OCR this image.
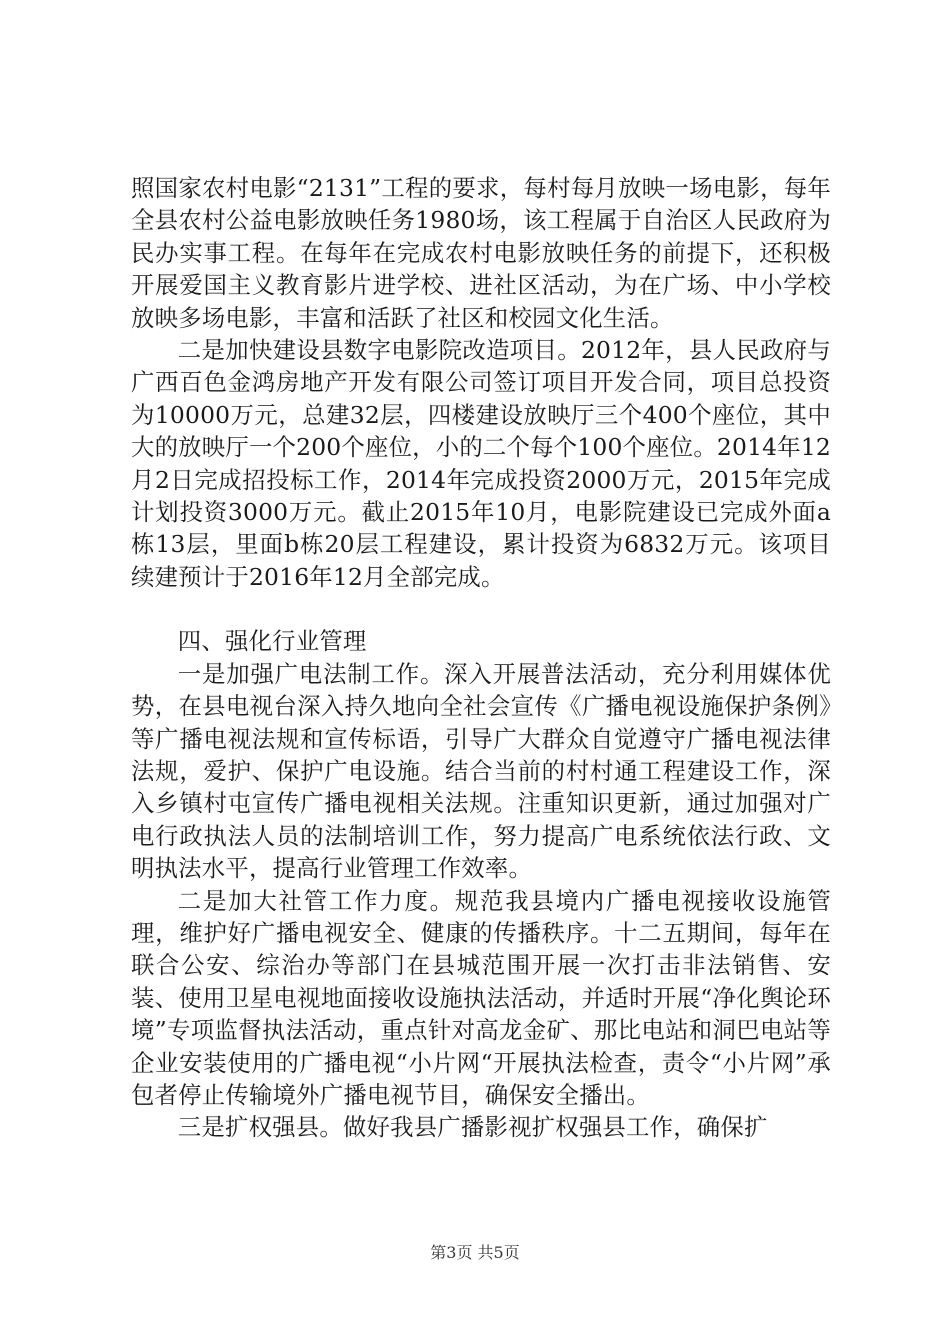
照国家农村电影“2131”工程的要求，每村每月放映一场电影，每年全县农村公益电影放映任务1980场，该工程属于自治区人民政府为民办实事工程。在每年在完成农村电影放映任务的前提下，还积极开展爱国主义教育影片进学校、进社区活动，为在广场、中小学校放映多场电影，丰富和活跃了社区和校园文化生活。

二是加快建设县数字电影院改造项目。2012年，县人民政府与广西百色金鸿房地产开发有限公司签订项目开发合同，项目总投资为10000万元，总建32层，四楼建设放映厅三个400个座位，其中大的放映厅一个200个座位，小的二个每个100个座位。2014年12月2日完成招投标工作，2014年完成投资2000万元，2015年完成计划投资3000万元。截止2015年10月，电影院建设已完成外面a栋13层，里面b栋20层工程建设，累计投资为6832万元。该项目续建预计于2016年12月全部完成。

四、强化行业管理

一是加强广电法制工作。深入开展普法活动，充分利用媒体优势，在县电视台深入持久地向全社会宣传《广播电视设施保护条例》等广播电视法规和宣传标语，引导广大群众自觉遵守广播电视法律法规，爱护、保护广电设施。结合当前的村村通工程建设工作，深入乡镇村屯宣传广播电视相关法规。注重知识更新，通过加强对广电行政执法人员的法制培训工作，努力提高广电系统依法行政、文明执法水平，提高行业管理工作效率。

二是加大社管工作力度。规范我县境内广播电视接收设施管理，维护好广播电视安全、健康的传播秩序。十二五期间，每年在联合公安、综治办等部门在县城范围开展一次打击非法销售、安装、使用卫星电视地面接收设施执法活动，并适时开展“净化舆论环境”专项监督执法活动，重点针对高龙金矿、那比电站和洞巴电站等企业安装使用的广播电视“小片网“开展执法检查，责令“小片网”承包者停止传输境外广播电视节目，确保安全播出。

三是扩权强县。做好我县广播影视扩权强县工作，确保扩

第3页 共5页
